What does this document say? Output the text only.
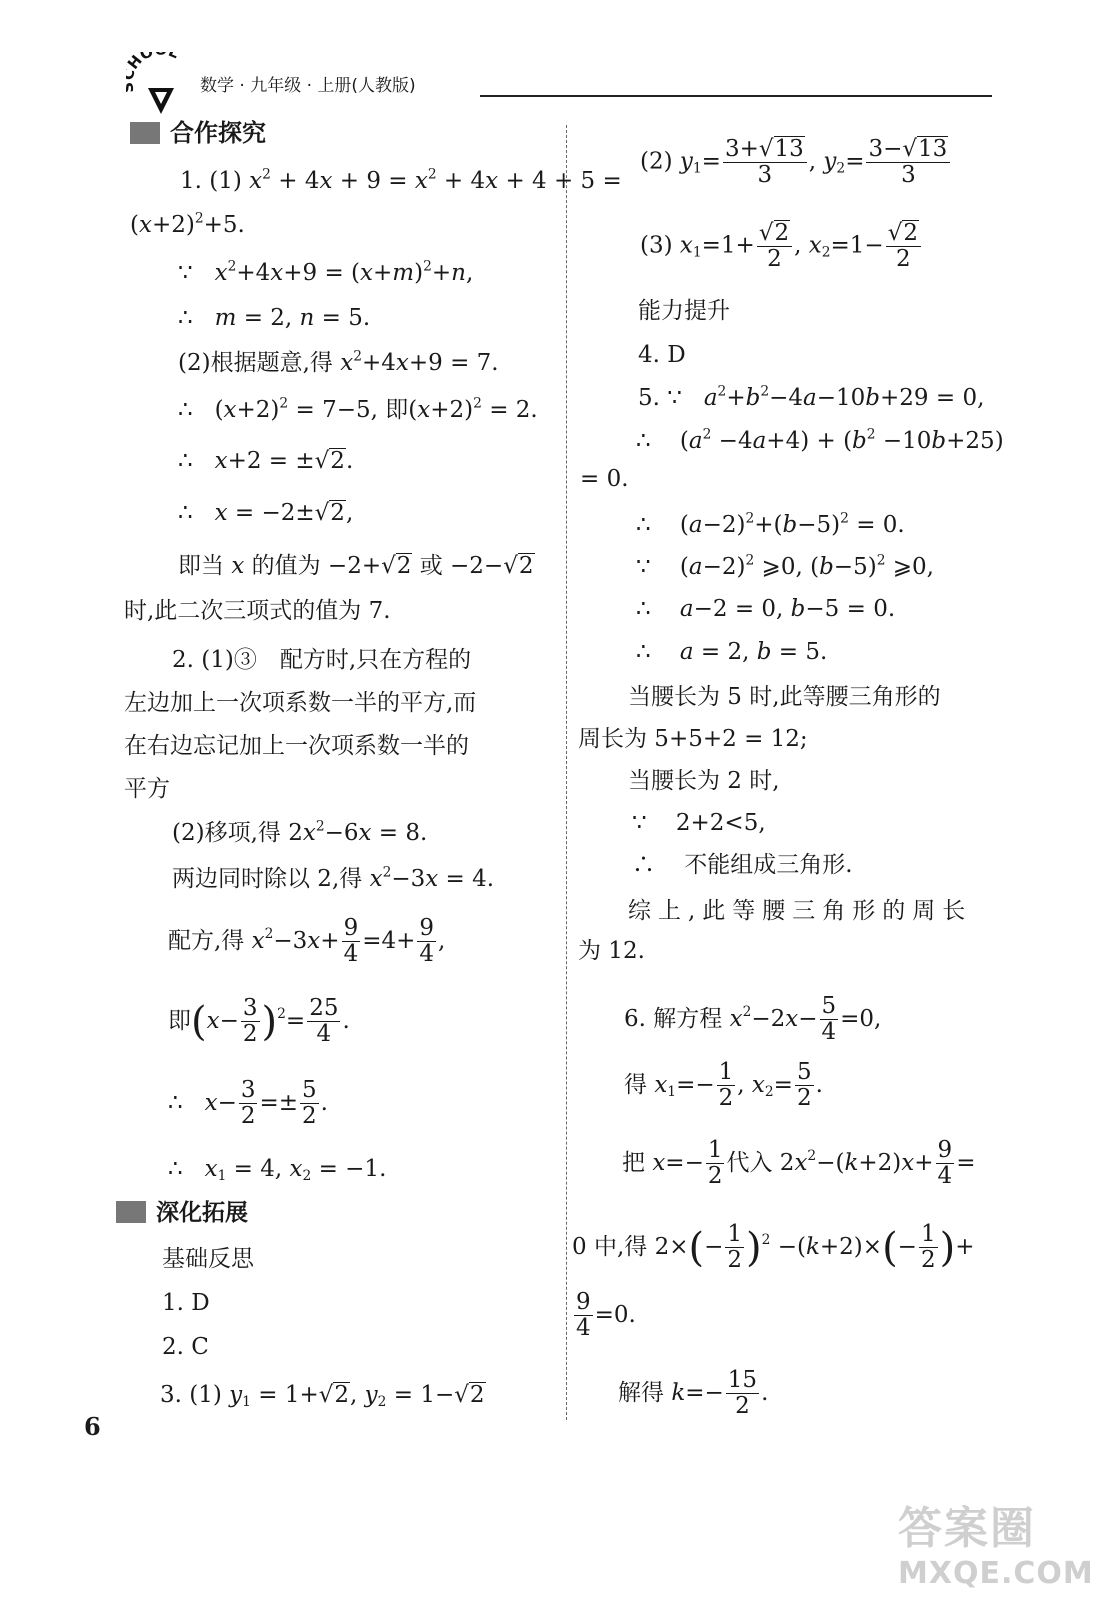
HO L
数学 · 九年级 · 上册(人教版)
合作探究
1. (1) $x^2 + 4x + 9 = x^2 + 4x + 4 + 5$ =
$(x+2)^2+5$.
∵   $x^2+4x+9 = (x+m)^2+n$,
∴   m = 2, n = 5.
(2)根据题意,得 $x^2+4x+9 = 7$.
∴   $(x+2)^2 = 7-5$, 即$(x+2)^2 = 2$.
∴   x+2 = ±√2.
∴   x = −2±√2,
即当 x 的值为 −2+√2 或 −2−√2
时,此二次三项式的值为 7.
2. (1)③　配方时,只在方程的
左边加上一次项系数一半的平方,而
在右边忘记加上一次项系数一半的
平方
(2)移项,得 $2x^2-6x = 8$.
两边同时除以 2,得 $x^2-3x = 4$.
配方,得 $x^2-3x+ \frac{9}{4} =4+ \frac{9}{4}$ ,
即$(x- \frac{3}{2} )^2= \frac{25}{4}$ .
∴   $x- \frac{3}{2} =\pm \frac{5}{2}$ .
∴   $x_1 = 4$, $x_2 = -1$.
深化拓展
基础反思
1. D
2. C
3. (1) $y_1 = 1+√2$, $y_2 = 1-√2$
(2) $y_1= \frac{3+√13}{3}$ , $y_2= \frac{3-√13}{3}$
(3) $x_1=1+ \frac{√2}{2}$ , $x_2=1- \frac{√2}{2}$
能力提升
4. D
5. ∵   $a^2+b^2-4a-10b+29 = 0$,
∴    $(a^2 -4a+4) + (b^2 -10b+25)$
= 0.
∴    $(a-2)^2+(b-5)^2 = 0$.
∵    $(a-2)^2$ ⩾0, $(b-5)^2$ ⩾0,
∴    a−2 = 0, b−5 = 0.
∴    a = 2, b = 5.
当腰长为 5 时,此等腰三角形的
周长为 5+5+2 = 12;
当腰长为 2 时,
∵    2+2<5,
∴    不能组成三角形.
综上,此等腰三角形的周长
为 12.
6. 解方程 $x^2-2x- \frac{5}{4} =0$,
得 $x_1=- \frac{1}{2}$ , $x_2= \frac{5}{2}$ .
把 $x=- \frac{1}{2}$ 代入 $2x^2-(k+2)x+ \frac{9}{4}$ =
0 中,得 $2\times(- \frac{1}{2} )^2 -(k+2)\times(- \frac{1}{2}$ )+
$\frac{9}{4} =0$.
解得 $k=- \frac{15}{2}$ .
6
答案圈
MXQE.COM
